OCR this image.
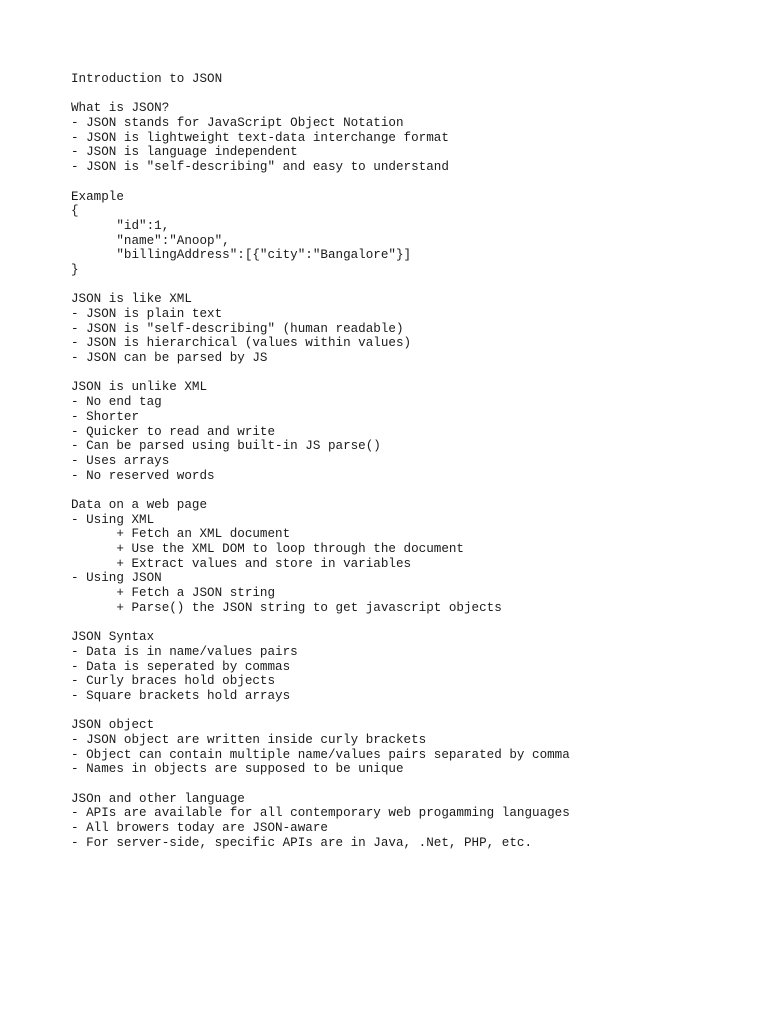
Introduction to JSON
What is JSON?
- JSON stands for JavaScript Object Notation
- JSON is lightweight text-data interchange format
- JSON is language independent
- JSON is "self-describing" and easy to understand
Example
{
"id":1,
"name":"Anoop",
"billingAddress":[{"city":"Bangalore"}]
}
JSON is like XML
- JSON is plain text
- JSON is "self-describing" (human readable)
- JSON is hierarchical (values within values)
- JSON can be parsed by JS
JSON is unlike XML
- No end tag
- Shorter
- Quicker to read and write
- Can be parsed using built-in JS parse()
- Uses arrays
- No reserved words
Data on a web page
- Using XML
+ Fetch an XML document
+ Use the XML DOM to loop through the document
+ Extract values and store in variables
- Using JSON
+ Fetch a JSON string
+ Parse() the JSON string to get javascript objects
JSON Syntax
- Data is in name/values pairs
- Data is seperated by commas
- Curly braces hold objects
- Square brackets hold arrays
JSON object
- JSON object are written inside curly brackets
- Object can contain multiple name/values pairs separated by comma
- Names in objects are supposed to be unique
JSOn and other language
- APIs are available for all contemporary web progamming languages
- All browers today are JSON-aware
- For server-side, specific APIs are in Java, .Net, PHP, etc.
